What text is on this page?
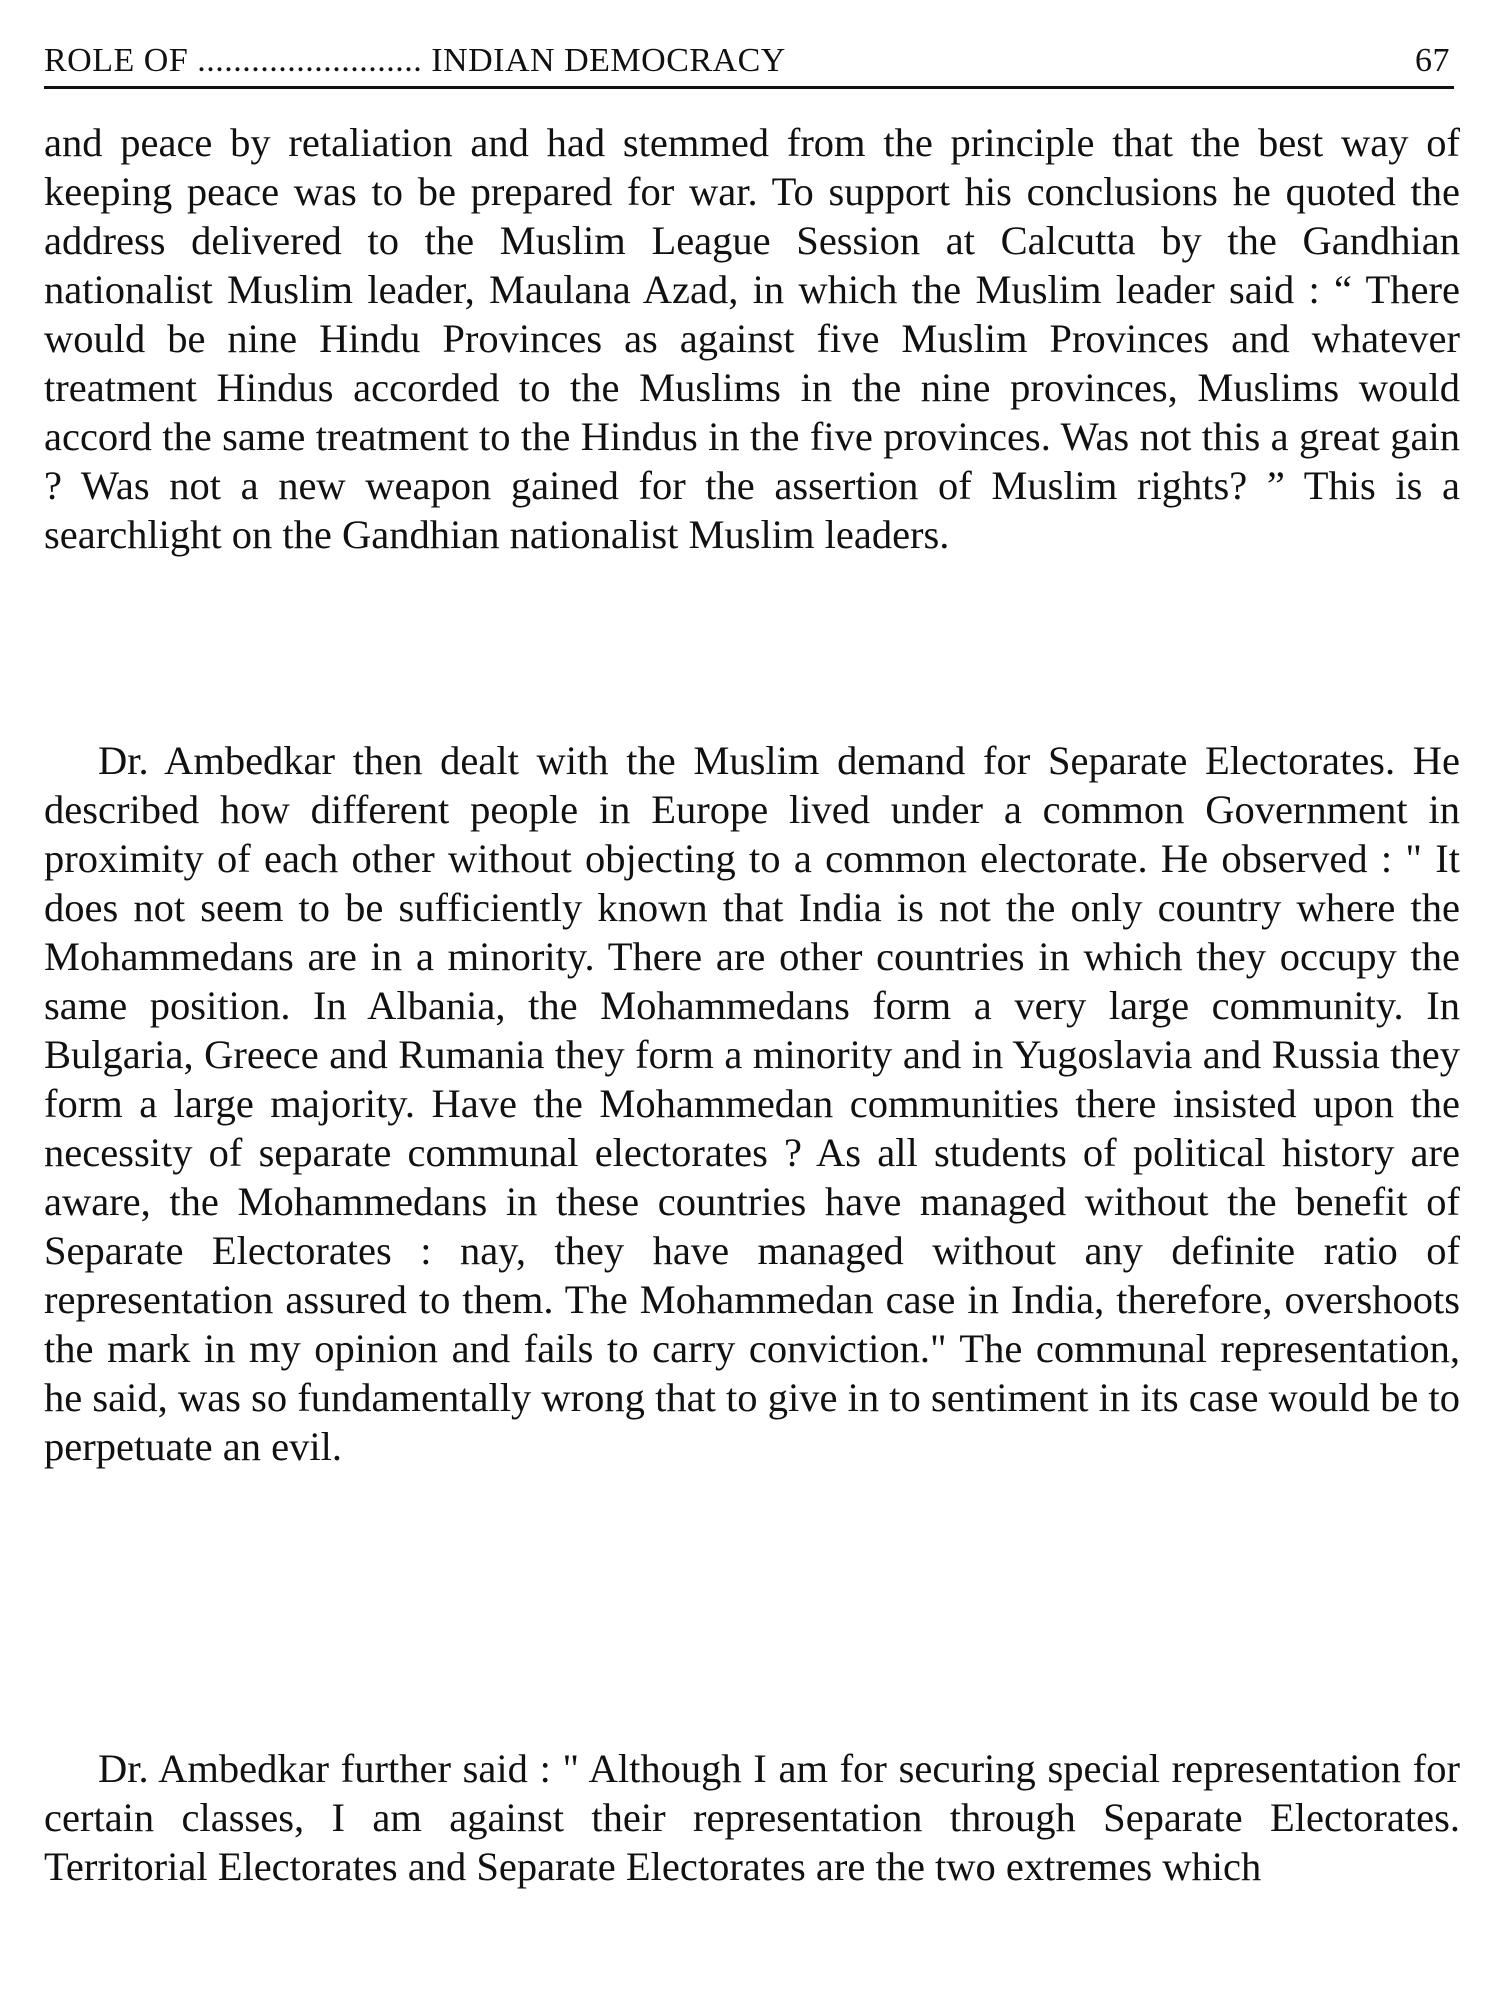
ROLE OF ......................... INDIAN DEMOCRACY	67

and peace by retaliation and had stemmed from the principle that the best way of keeping peace was to be prepared for war. To support his conclusions he quoted the address delivered to the Muslim League Session at Calcutta by the Gandhian nationalist Muslim leader, Maulana Azad, in which the Muslim leader said : “ There would be nine Hindu Provinces as against five Muslim Provinces and whatever treatment Hindus accorded to the Muslims in the nine provinces, Muslims would accord the same treatment to the Hindus in the five provinces. Was not this a great gain ? Was not a new weapon gained for the assertion of Muslim rights? ” This is a searchlight on the Gandhian nationalist Muslim leaders.

Dr. Ambedkar then dealt with the Muslim demand for Separate Electorates. He described how different people in Europe lived under a common Government in proximity of each other without objecting to a common electorate. He observed : " It does not seem to be sufficiently known that India is not the only country where the Mohammedans are in a minority. There are other countries in which they occupy the same position. In Albania, the Mohammedans form a very large community. In Bulgaria, Greece and Rumania they form a minority and in Yugoslavia and Russia they form a large majority. Have the Mohammedan communities there insisted upon the necessity of separate communal electorates ? As all students of political history are aware, the Mohammedans in these countries have managed without the benefit of Separate Electorates : nay, they have managed without any definite ratio of representation assured to them. The Mohammedan case in India, therefore, overshoots the mark in my opinion and fails to carry conviction." The communal representation, he said, was so fundamentally wrong that to give in to sentiment in its case would be to perpetuate an evil.

Dr. Ambedkar further said : " Although I am for securing special representation for certain classes, I am against their representation through Separate Electorates. Territorial Electorates and Separate Electorates are the two extremes which
